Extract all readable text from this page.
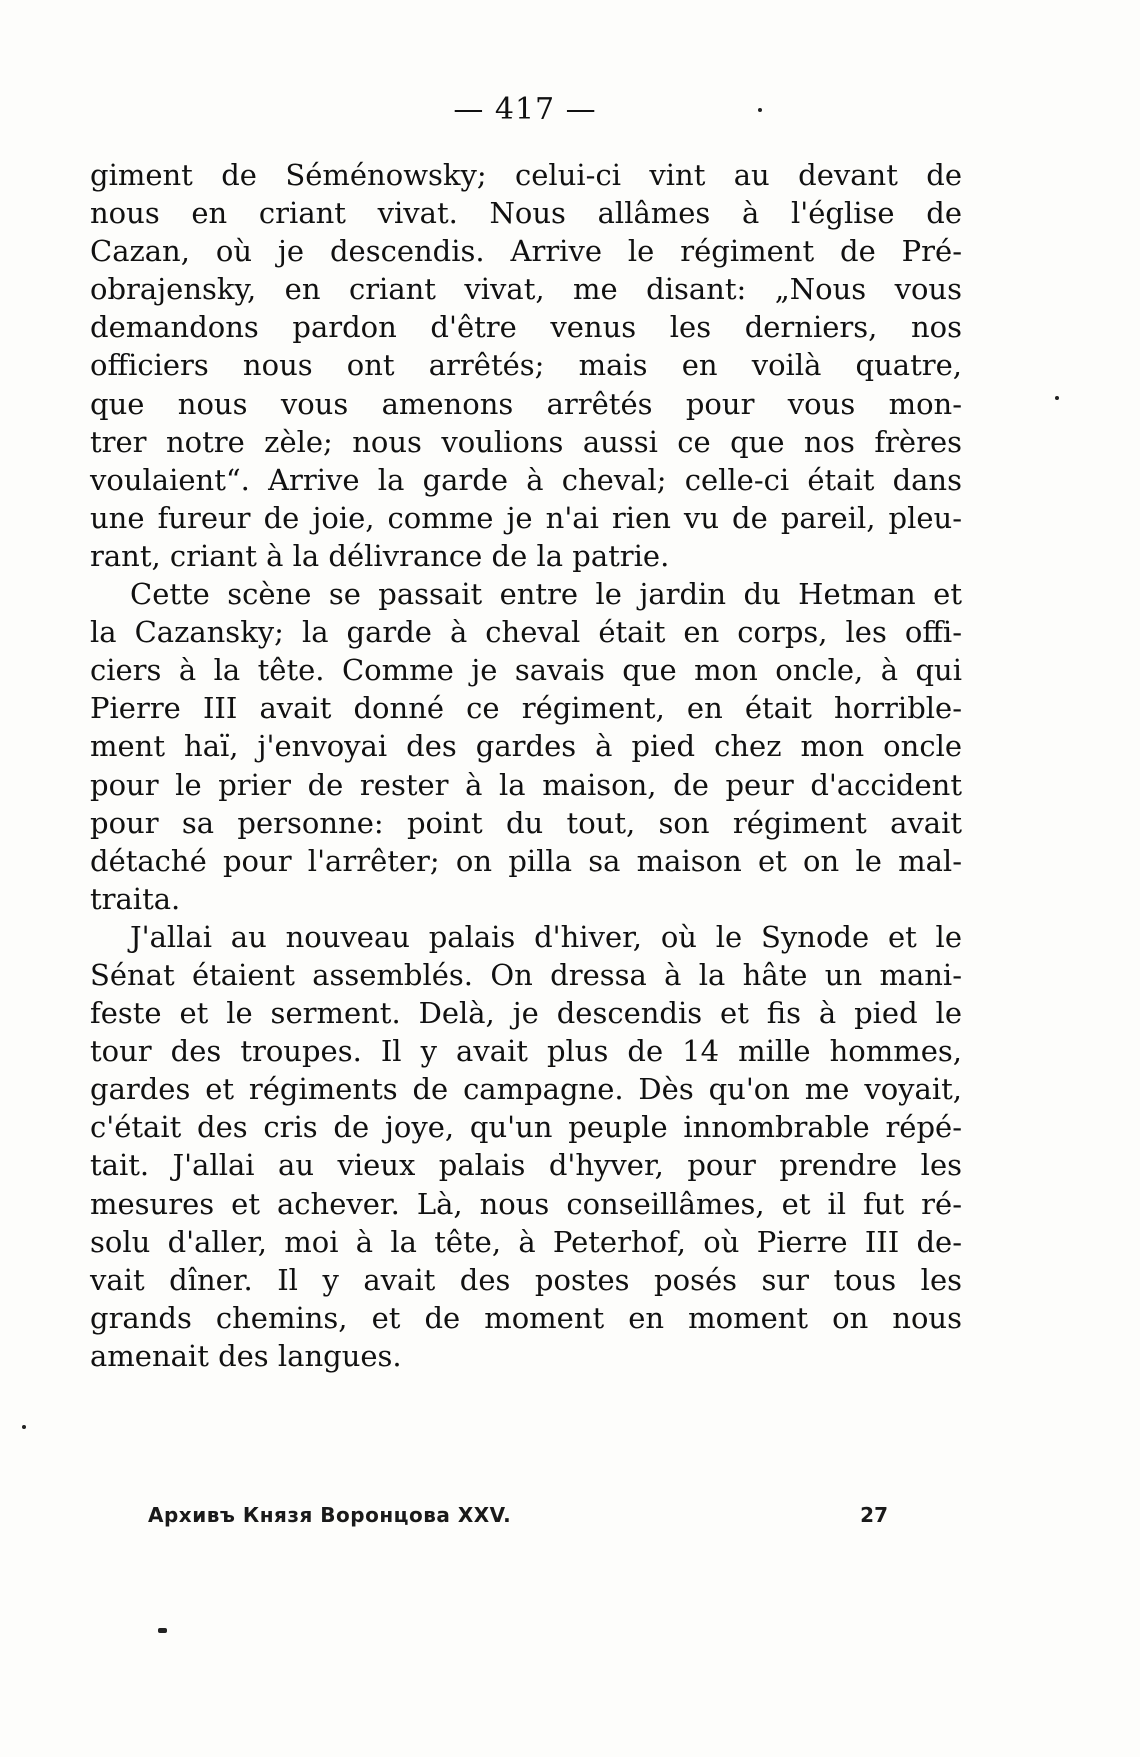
— 417 —
giment de Séménowsky; celui-ci vint au devant de
nous en criant vivat. Nous allâmes à l'église de
Cazan, où je descendis. Arrive le régiment de Pré-
obrajensky, en criant vivat, me disant: „Nous vous
demandons pardon d'être venus les derniers, nos
officiers nous ont arrêtés; mais en voilà quatre,
que nous vous amenons arrêtés pour vous mon-
trer notre zèle; nous voulions aussi ce que nos frères
voulaient“. Arrive la garde à cheval; celle-ci était dans
une fureur de joie, comme je n'ai rien vu de pareil, pleu-
rant, criant à la délivrance de la patrie.
Cette scène se passait entre le jardin du Hetman et
la Cazansky; la garde à cheval était en corps, les offi-
ciers à la tête. Comme je savais que mon oncle, à qui
Pierre III avait donné ce régiment, en était horrible-
ment haï, j'envoyai des gardes à pied chez mon oncle
pour le prier de rester à la maison, de peur d'accident
pour sa personne: point du tout, son régiment avait
détaché pour l'arrêter; on pilla sa maison et on le mal-
traita.
J'allai au nouveau palais d'hiver, où le Synode et le
Sénat étaient assemblés. On dressa à la hâte un mani-
feste et le serment. Delà, je descendis et fis à pied le
tour des troupes. Il y avait plus de 14 mille hommes,
gardes et régiments de campagne. Dès qu'on me voyait,
c'était des cris de joye, qu'un peuple innombrable répé-
tait. J'allai au vieux palais d'hyver, pour prendre les
mesures et achever. Là, nous conseillâmes, et il fut ré-
solu d'aller, moi à la tête, à Peterhof, où Pierre III de-
vait dîner. Il y avait des postes posés sur tous les
grands chemins, et de moment en moment on nous
amenait des langues.
Архивъ Князя Воронцова XXV.	27
